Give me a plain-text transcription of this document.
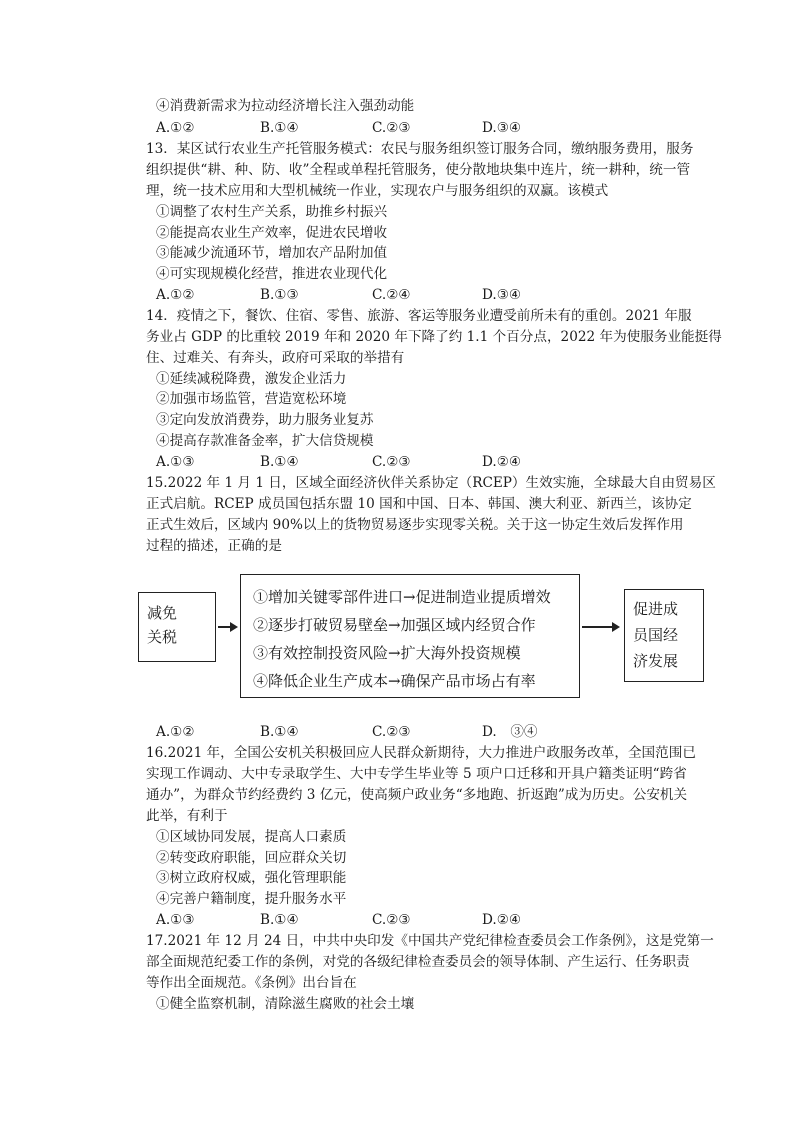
④消费新需求为拉动经济增长注入强劲动能
A.①②	B.①④	C.②③	D.③④
13．某区试行农业生产托管服务模式：农民与服务组织签订服务合同，缴纳服务费用，服务
组织提供“耕、种、防、收”全程或单程托管服务，使分散地块集中连片，统一耕种，统一管
理，统一技术应用和大型机械统一作业，实现农户与服务组织的双赢。该模式
①调整了农村生产关系，助推乡村振兴
②能提高农业生产效率，促进农民增收
③能减少流通环节，增加农产品附加值
④可实现规模化经营，推进农业现代化
A.①②	B.①③	C.②④	D.③④
14．疫情之下，餐饮、住宿、零售、旅游、客运等服务业遭受前所未有的重创。2021 年服
务业占 GDP 的比重较 2019 年和 2020 年下降了约 1.1 个百分点，2022 年为使服务业能挺得
住、过难关、有奔头，政府可采取的举措有
①延续减税降费，激发企业活力
②加强市场监管，营造宽松环境
③定向发放消费券，助力服务业复苏
④提高存款准备金率，扩大信贷规模
A.①③	B.①④	C.②③	D.②④
15.2022 年 1 月 1 日，区域全面经济伙伴关系协定（RCEP）生效实施，全球最大自由贸易区
正式启航。RCEP 成员国包括东盟 10 国和中国、日本、韩国、澳大利亚、新西兰，该协定
正式生效后，区域内 90%以上的货物贸易逐步实现零关税。关于这一协定生效后发挥作用
过程的描述，正确的是
减免
关税
①增加关键零部件进口→促进制造业提质增效
②逐步打破贸易壁垒→加强区域内经贸合作
③有效控制投资风险→扩大海外投资规模
④降低企业生产成本→确保产品市场占有率
促进成
员国经
济发展
A.①②	B.①④	C.②③	D.　③④
16.2021 年，全国公安机关积极回应人民群众新期待，大力推进户政服务改革，全国范围已
实现工作调动、大中专录取学生、大中专学生毕业等 5 项户口迁移和开具户籍类证明“跨省
通办”，为群众节约经费约 3 亿元，使高频户政业务“多地跑、折返跑”成为历史。公安机关
此举，有利于
①区域协同发展，提高人口素质
②转变政府职能，回应群众关切
③树立政府权威，强化管理职能
④完善户籍制度，提升服务水平
A.①③	B.①④	C.②③	D.②④
17.2021 年 12 月 24 日，中共中央印发《中国共产党纪律检查委员会工作条例》，这是党第一
部全面规范纪委工作的条例，对党的各级纪律检查委员会的领导体制、产生运行、任务职责
等作出全面规范。《条例》出台旨在
①健全监察机制，清除滋生腐败的社会土壤
